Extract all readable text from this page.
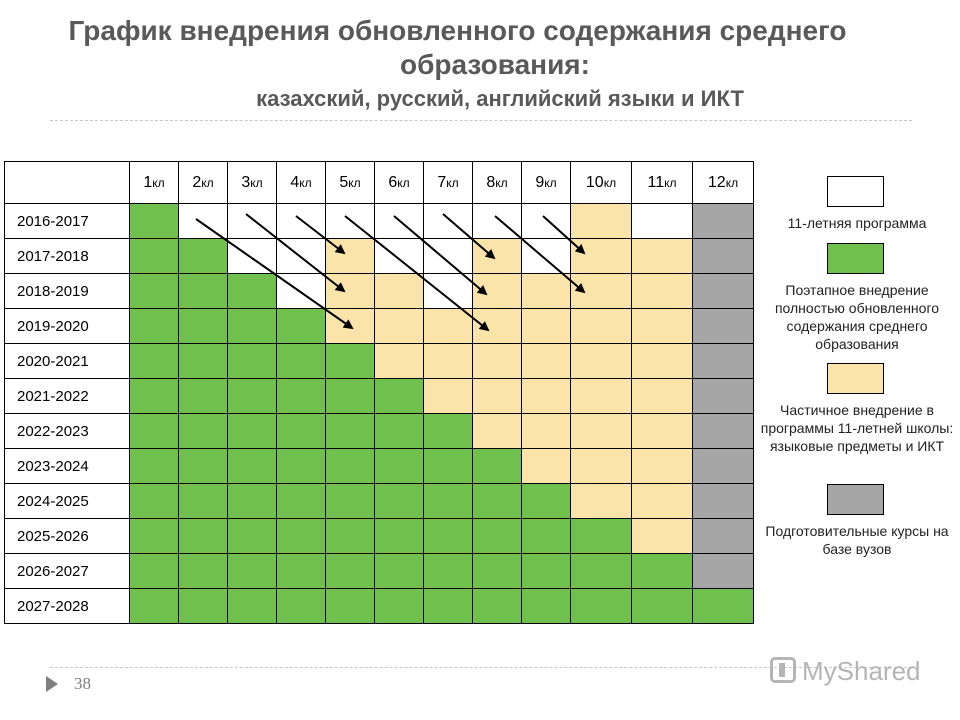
График внедрения обновленного содержания среднего
образования:
казахский, русский, английский языки и ИКТ
	1кл	2кл	3кл	4кл	5кл	6кл	7кл	8кл	9кл	10кл	11кл	12кл
2016-2017												
2017-2018												
2018-2019												
2019-2020												
2020-2021												
2021-2022												
2022-2023												
2023-2024												
2024-2025												
2025-2026												
2026-2027												
2027-2028												
11-летняя программа
Поэтапное внедрение полностью обновленного содержания среднего образования
Частичное внедрение в программы 11-летней школы: языковые предметы и ИКТ
Подготовительные курсы на базе вузов
38	MyShared
